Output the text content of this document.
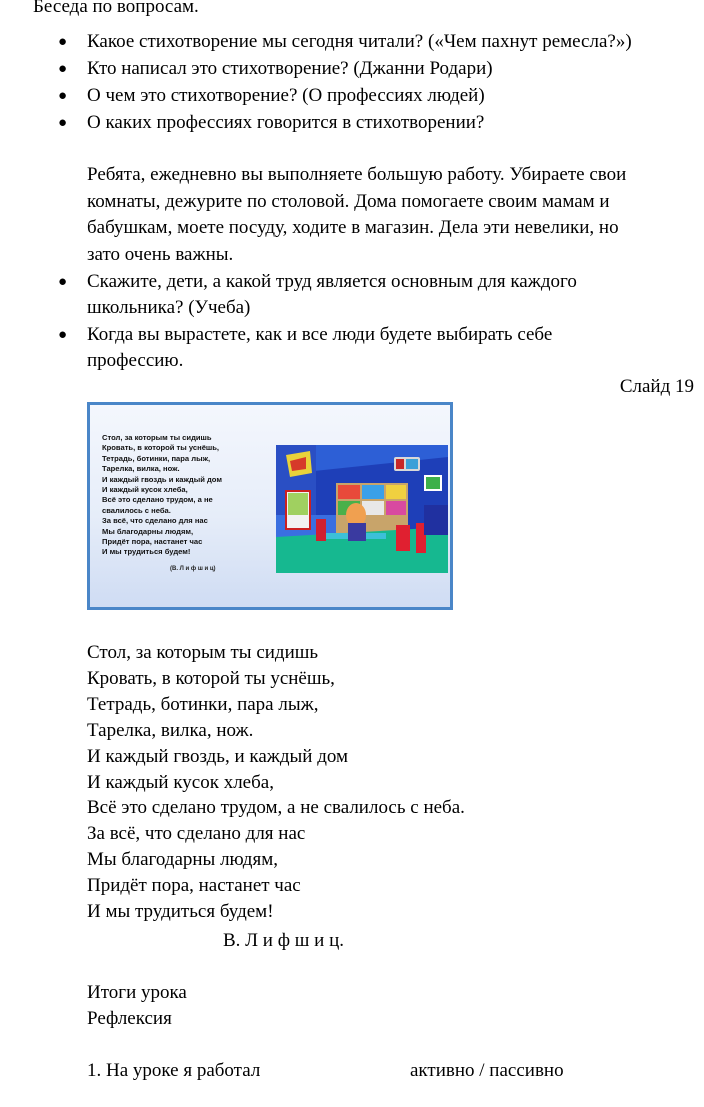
Беседа по вопросам.
● Какое стихотворение мы сегодня читали? («Чем пахнут ремесла?»)
● Кто написал это стихотворение? (Джанни Родари)
● О чем это стихотворение? (О профессиях людей)
● О каких профессиях говорится в стихотворении?
Ребята, ежедневно вы выполняете большую работу. Убираете свои
комнаты, дежурите по столовой. Дома помогаете своим мамам и
бабушкам, моете посуду, ходите в магазин. Дела эти невелики, но
зато очень важны.
● Скажите, дети, а какой труд является основным для каждого
школьника? (Учеба)
● Когда вы вырастете, как и все люди будете выбирать себе
профессию.
Слайд 19
Стол, за которым ты сидишь
Кровать, в которой ты уснёшь,
Тетрадь, ботинки, пара лыж,
Тарелка, вилка, нож.
И каждый гвоздь и каждый дом
И каждый кусок хлеба,
Всё это сделано трудом, а не
свалилось с неба.
За всё, что сделано для нас
Мы благодарны людям,
Придёт пора, настанет час
И мы трудиться будем!
(В. Л и ф ш и ц)
Стол, за которым ты сидишь
Кровать, в которой ты уснёшь,
Тетрадь, ботинки, пара лыж,
Тарелка, вилка, нож.
И каждый гвоздь, и каждый дом
И каждый кусок хлеба,
Всё это сделано трудом, а не свалилось с неба.
За всё, что сделано для нас
Мы благодарны людям,
Придёт пора, настанет час
И мы трудиться будем!
В. Л и ф ш и ц.
Итоги урока
Рефлексия
1. На уроке я работал	активно / пассивно
